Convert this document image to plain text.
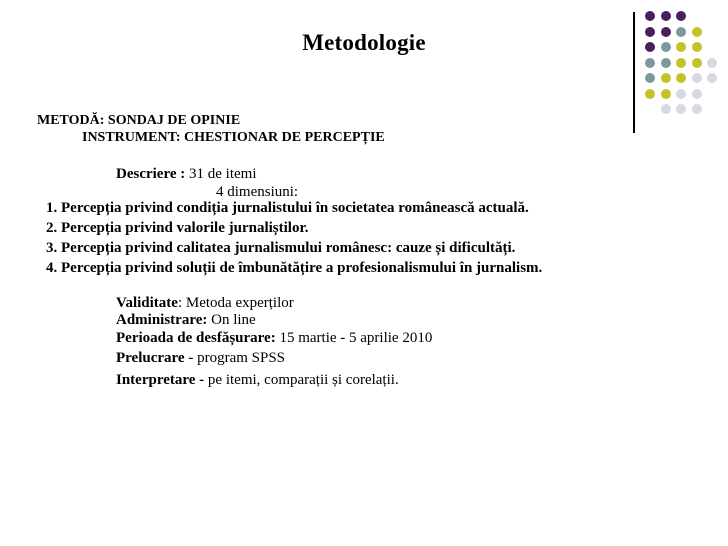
Metodologie
METODĂ: SONDAJ DE OPINIE
INSTRUMENT: CHESTIONAR DE PERCEPȚIE
Descriere : 31 de itemi
4 dimensiuni:
1. Percepția privind condiția jurnalistului în societatea românească actuală.
2. Percepția privind valorile jurnaliștilor.
3. Percepția privind calitatea jurnalismului românesc: cauze și dificultăți.
4. Percepția privind soluții de îmbunătățire a profesionalismului în jurnalism.
Validitate: Metoda experților
Administrare: On line
Perioada de desfășurare: 15 martie - 5 aprilie 2010
Prelucrare - program SPSS
Interpretare - pe itemi, comparații și corelații.
